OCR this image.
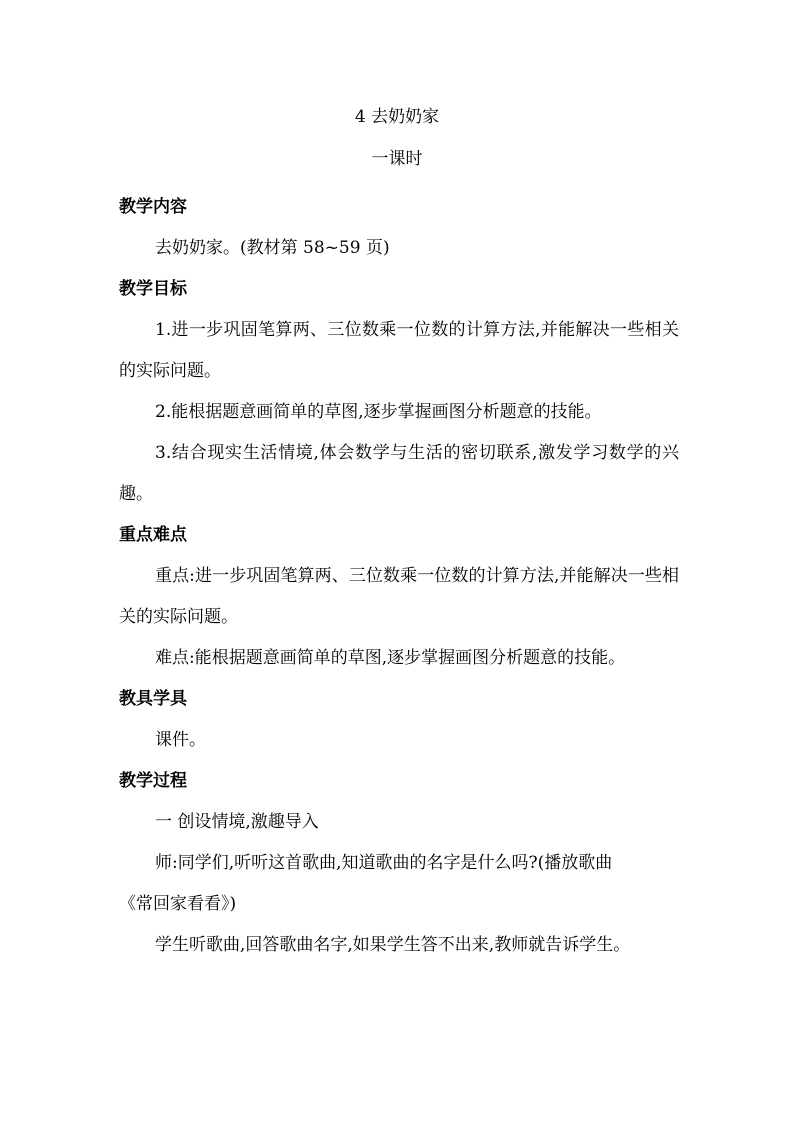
4 去奶奶家
一课时
教学内容

去奶奶家。(教材第 58~59 页)

教学目标

1.进一步巩固笔算两、三位数乘一位数的计算方法,并能解决一些相关的实际问题。

2.能根据题意画简单的草图,逐步掌握画图分析题意的技能。

3.结合现实生活情境,体会数学与生活的密切联系,激发学习数学的兴趣。

重点难点

重点:进一步巩固笔算两、三位数乘一位数的计算方法,并能解决一些相关的实际问题。

难点:能根据题意画简单的草图,逐步掌握画图分析题意的技能。

教具学具

课件。

教学过程

一 创设情境,激趣导入

师:同学们,听听这首歌曲,知道歌曲的名字是什么吗?(播放歌曲

《常回家看看》)

学生听歌曲,回答歌曲名字,如果学生答不出来,教师就告诉学生。
